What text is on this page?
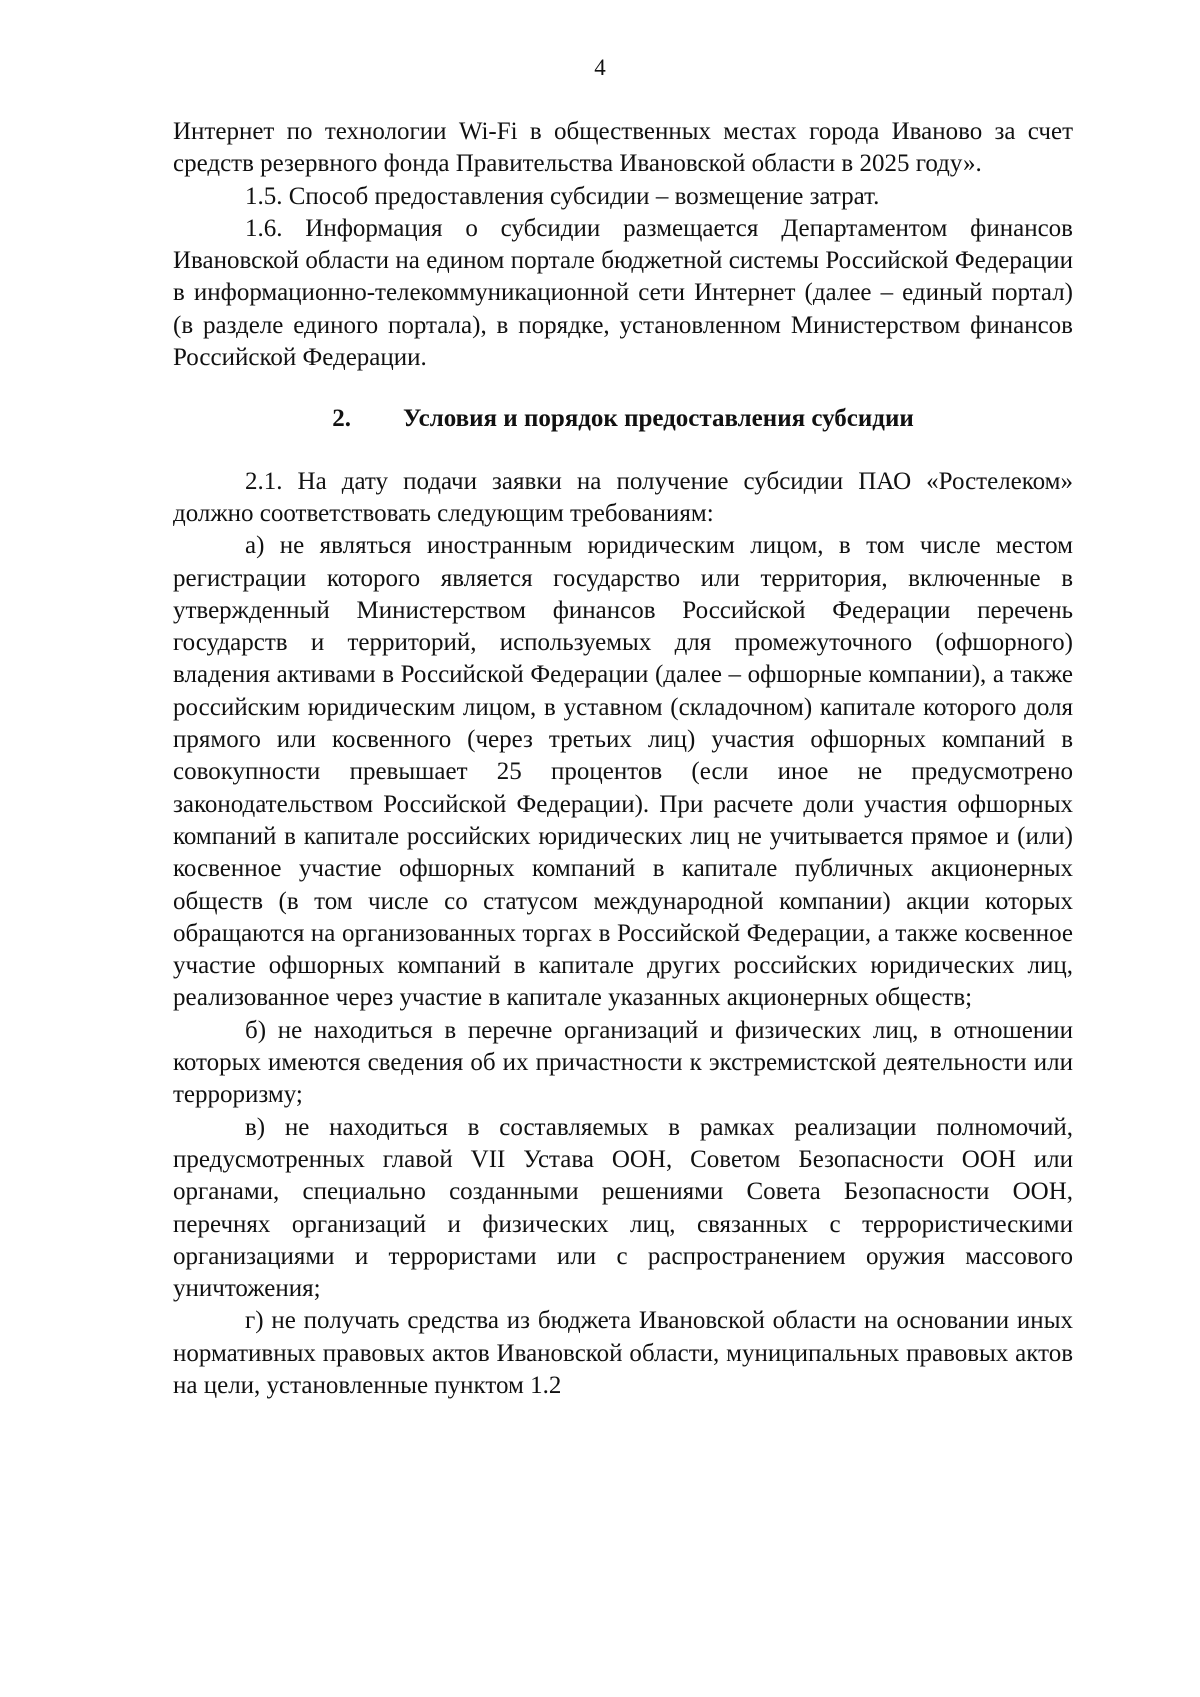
4

Интернет по технологии Wi-Fi в общественных местах города Иваново за счет средств резервного фонда Правительства Ивановской области в 2025 году».

1.5. Способ предоставления субсидии – возмещение затрат.

1.6. Информация о субсидии размещается Департаментом финансов Ивановской области на едином портале бюджетной системы Российской Федерации в информационно-телекоммуникационной сети Интернет (далее – единый портал) (в разделе единого портала), в порядке, установленном Министерством финансов Российской Федерации.

2. Условия и порядок предоставления субсидии

2.1. На дату подачи заявки на получение субсидии ПАО «Ростелеком» должно соответствовать следующим требованиям:

а) не являться иностранным юридическим лицом, в том числе местом регистрации которого является государство или территория, включенные в утвержденный Министерством финансов Российской Федерации перечень государств и территорий, используемых для промежуточного (офшорного) владения активами в Российской Федерации (далее – офшорные компании), а также российским юридическим лицом, в уставном (складочном) капитале которого доля прямого или косвенного (через третьих лиц) участия офшорных компаний в совокупности превышает 25 процентов (если иное не предусмотрено законодательством Российской Федерации). При расчете доли участия офшорных компаний в капитале российских юридических лиц не учитывается прямое и (или) косвенное участие офшорных компаний в капитале публичных акционерных обществ (в том числе со статусом международной компании) акции которых обращаются на организованных торгах в Российской Федерации, а также косвенное участие офшорных компаний в капитале других российских юридических лиц, реализованное через участие в капитале указанных акционерных обществ;

б) не находиться в перечне организаций и физических лиц, в отношении которых имеются сведения об их причастности к экстремистской деятельности или терроризму;

в) не находиться в составляемых в рамках реализации полномочий, предусмотренных главой VII Устава ООН, Советом Безопасности ООН или органами, специально созданными решениями Совета Безопасности ООН, перечнях организаций и физических лиц, связанных с террористическими организациями и террористами или с распространением оружия массового уничтожения;

г) не получать средства из бюджета Ивановской области на основании иных нормативных правовых актов Ивановской области, муниципальных правовых актов на цели, установленные пунктом 1.2
